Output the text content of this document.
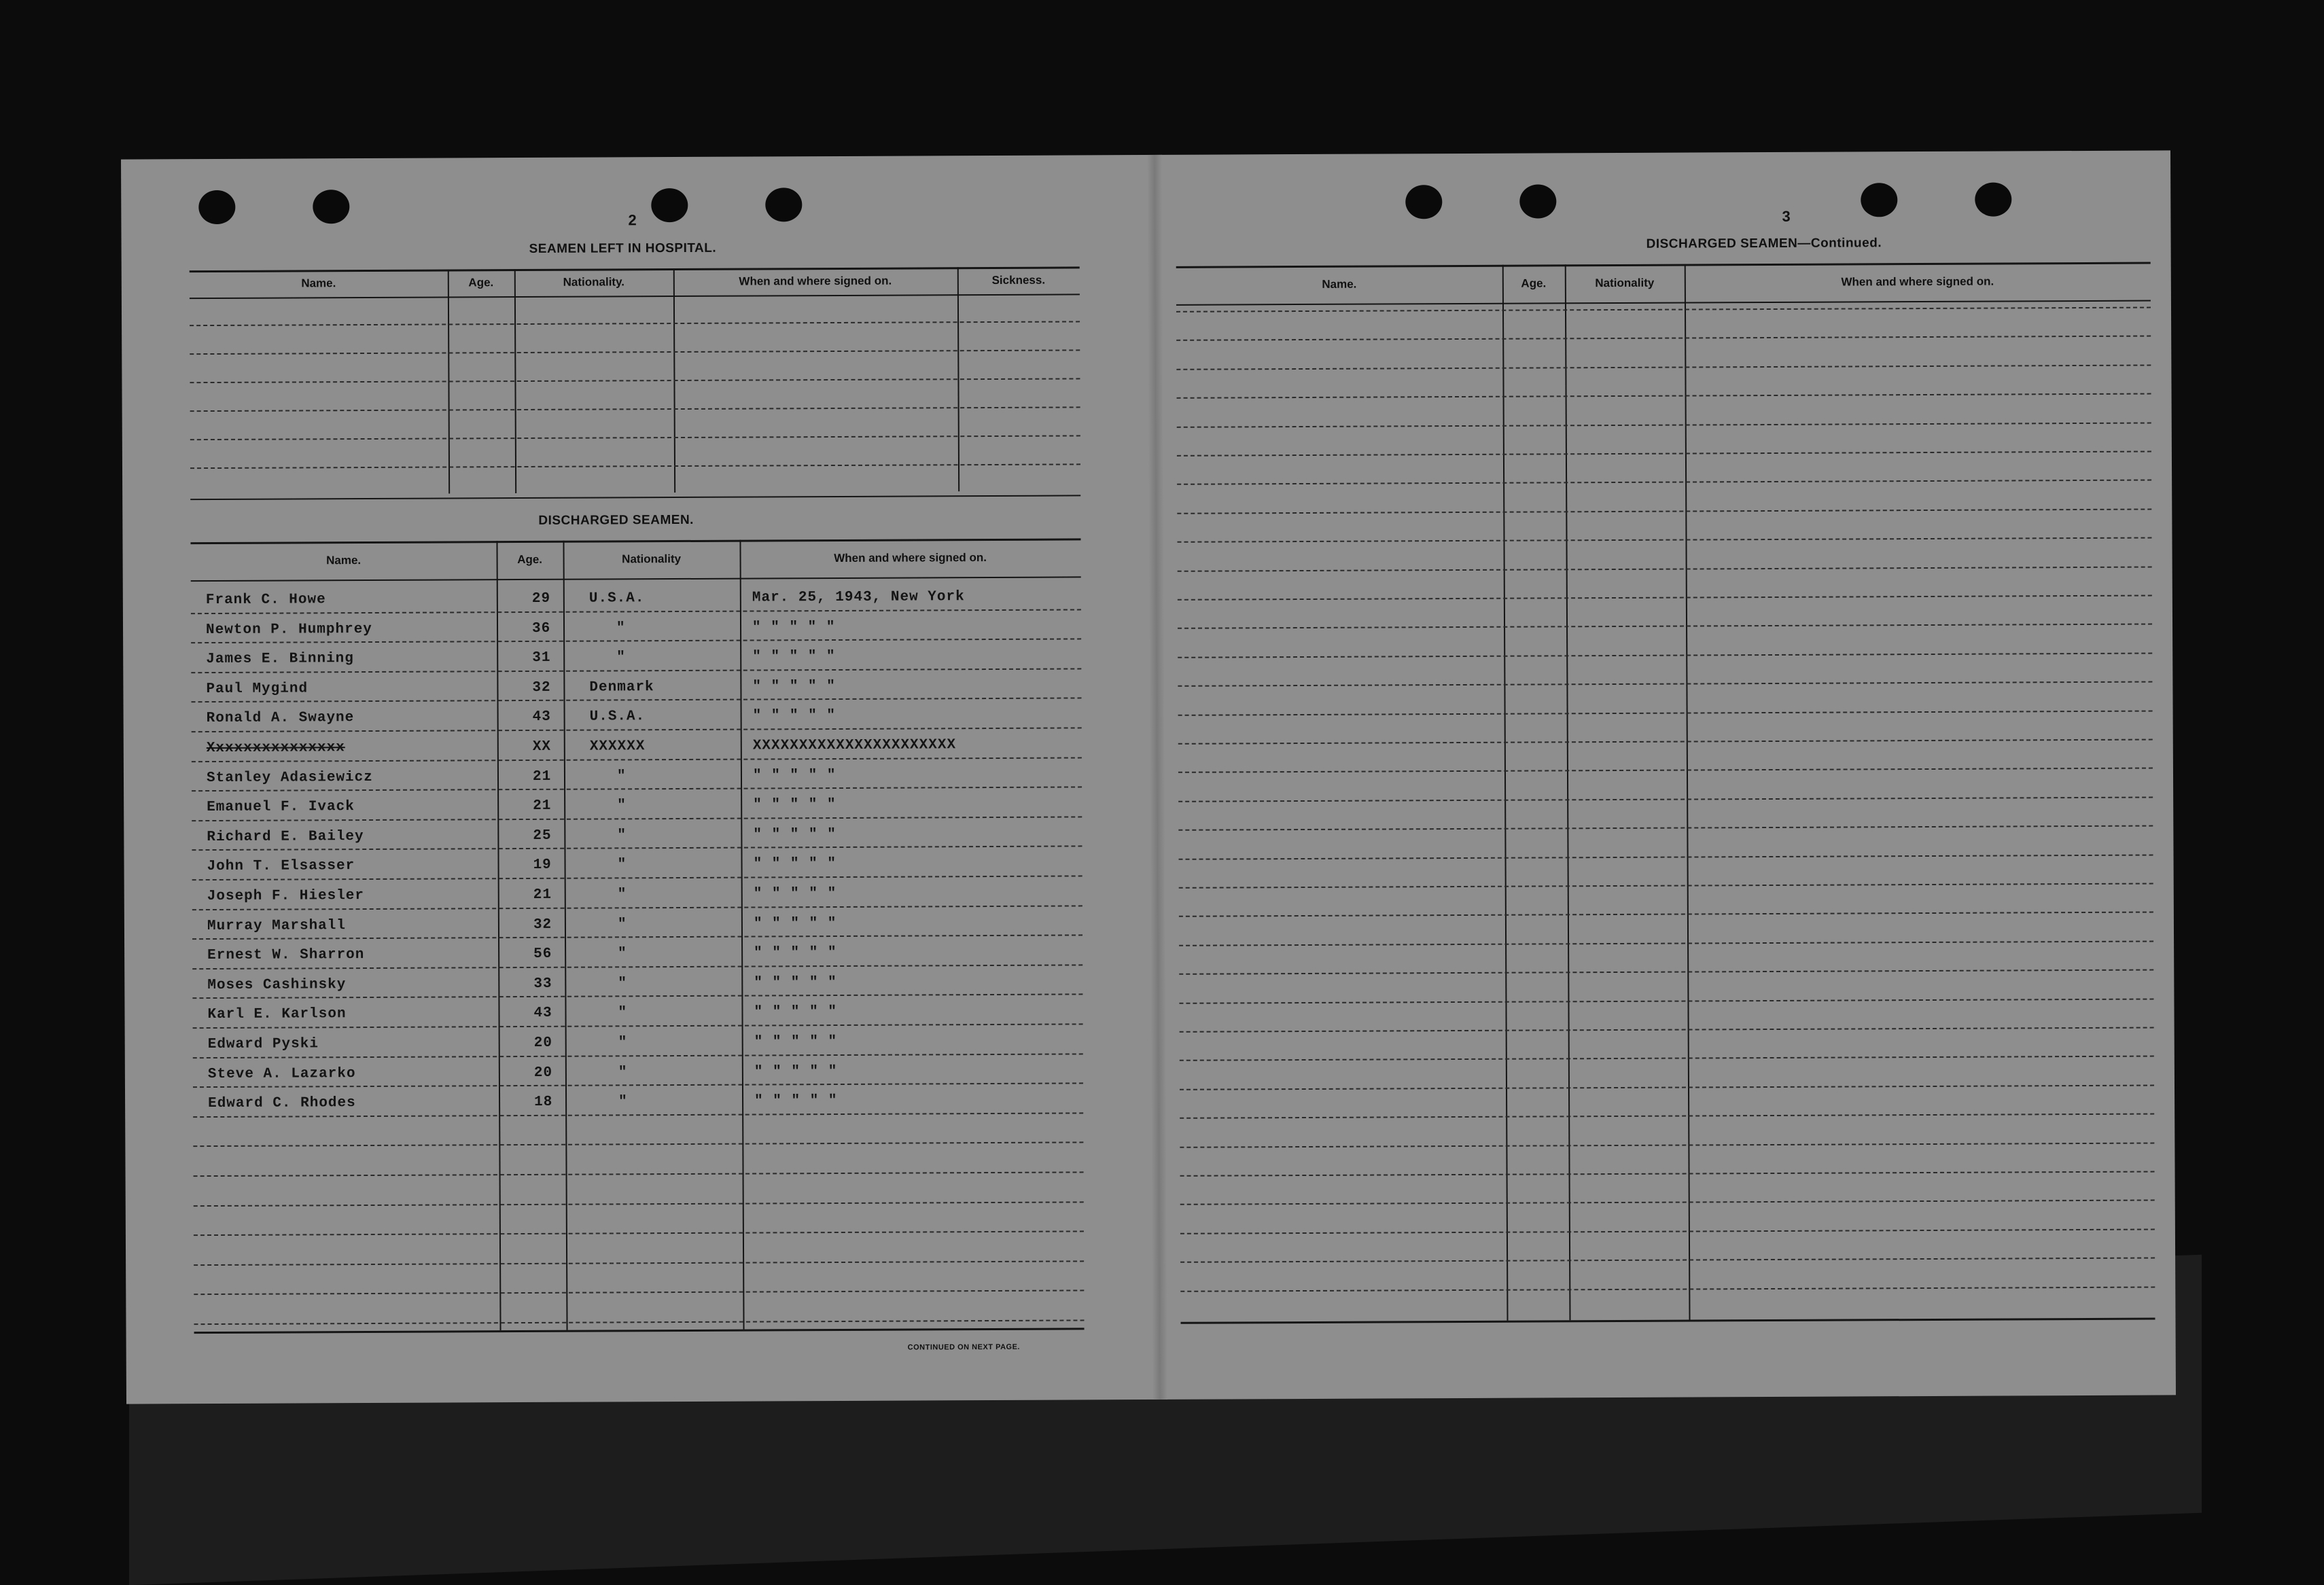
2
SEAMEN LEFT IN HOSPITAL.
Name.	Age.	Nationality.	When and where signed on.	Sickness.
DISCHARGED SEAMEN.
Name.	Age.	Nationality	When and where signed on.
Frank C. Howe	29	U.S.A.	Mar. 25, 1943, New York
Newton P. Humphrey	36	"	" " " " "
James E. Binning	31	"	" " " " "
Paul Mygind	32	Denmark	" " " " "
Ronald A. Swayne	43	U.S.A.	" " " " "
Xxxxxxxxxxxxxxx	XX	XXXXXX	XXXXXXXXXXXXXXXXXXXXXX
Stanley Adasiewicz	21	"	" " " " "
Emanuel F. Ivack	21	"	" " " " "
Richard E. Bailey	25	"	" " " " "
John T. Elsasser	19	"	" " " " "
Joseph F. Hiesler	21	"	" " " " "
Murray Marshall	32	"	" " " " "
Ernest W. Sharron	56	"	" " " " "
Moses Cashinsky	33	"	" " " " "
Karl E. Karlson	43	"	" " " " "
Edward Pyski	20	"	" " " " "
Steve A. Lazarko	20	"	" " " " "
Edward C. Rhodes	18	"	" " " " "
CONTINUED ON NEXT PAGE.
3
DISCHARGED SEAMEN—Continued.
Name.	Age.	Nationality	When and where signed on.
